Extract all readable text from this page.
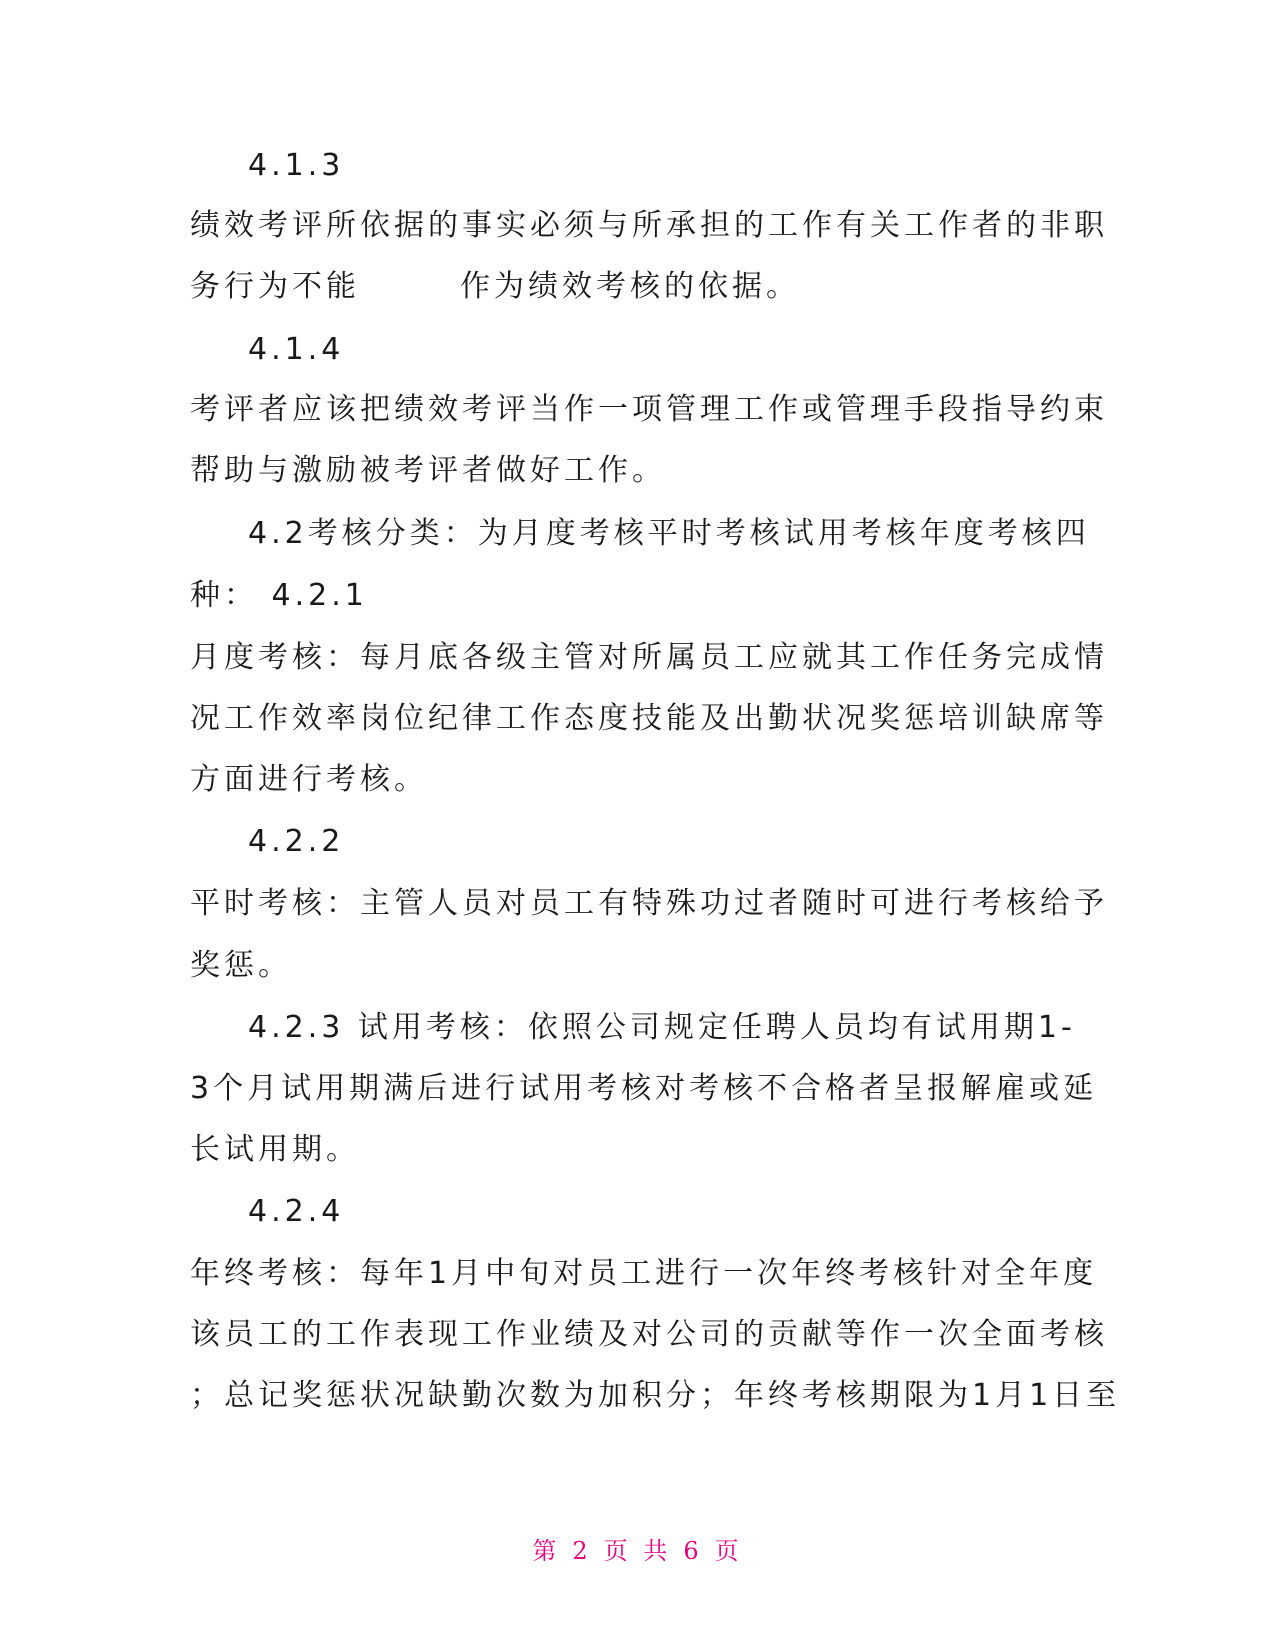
4.1.3
绩效考评所依据的事实必须与所承担的工作有关工作者的非职
务行为不能	作为绩效考核的依据。
4.1.4
考评者应该把绩效考评当作一项管理工作或管理手段指导约束
帮助与激励被考评者做好工作。
4.2考核分类：为月度考核平时考核试用考核年度考核四
种： 4.2.1
月度考核：每月底各级主管对所属员工应就其工作任务完成情
况工作效率岗位纪律工作态度技能及出勤状况奖惩培训缺席等
方面进行考核。
4.2.2
平时考核：主管人员对员工有特殊功过者随时可进行考核给予
奖惩。
4.2.3 试用考核：依照公司规定任聘人员均有试用期1-
3个月试用期满后进行试用考核对考核不合格者呈报解雇或延
长试用期。
4.2.4
年终考核：每年1月中旬对员工进行一次年终考核针对全年度
该员工的工作表现工作业绩及对公司的贡献等作一次全面考核
；总记奖惩状况缺勤次数为加积分；年终考核期限为1月1日至
第 2 页 共 6 页
